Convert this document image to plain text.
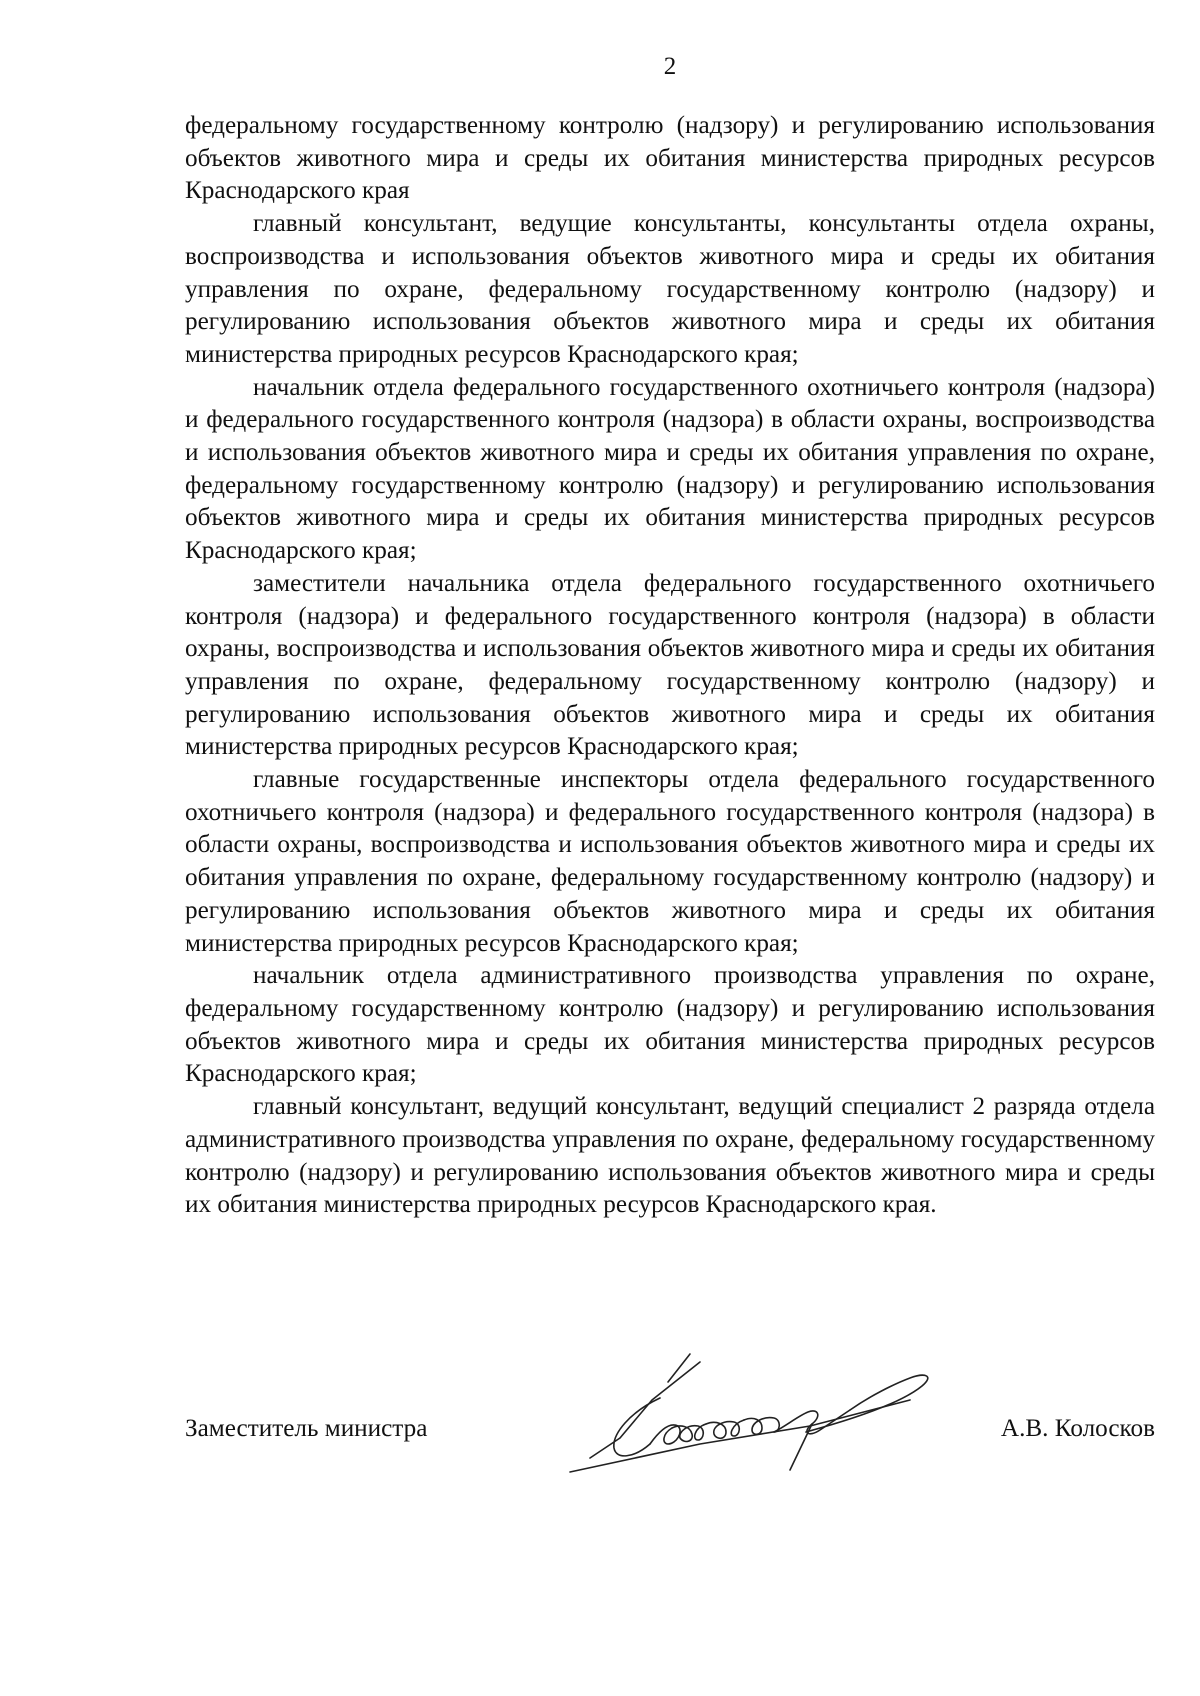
2

федеральному государственному контролю (надзору) и регулированию использования объектов животного мира и среды их обитания министерства природных ресурсов Краснодарского края

главный консультант, ведущие консультанты, консультанты отдела охраны, воспроизводства и использования объектов животного мира и среды их обитания управления по охране, федеральному государственному контролю (надзору) и регулированию использования объектов животного мира и среды их обитания министерства природных ресурсов Краснодарского края;

начальник отдела федерального государственного охотничьего контроля (надзора) и федерального государственного контроля (надзора) в области охраны, воспроизводства и использования объектов животного мира и среды их обитания управления по охране, федеральному государственному контролю (надзору) и регулированию использования объектов животного мира и среды их обитания министерства природных ресурсов Краснодарского края;

заместители начальника отдела федерального государственного охотничьего контроля (надзора) и федерального государственного контроля (надзора) в области охраны, воспроизводства и использования объектов животного мира и среды их обитания управления по охране, федеральному государственному контролю (надзору) и регулированию использования объектов животного мира и среды их обитания министерства природных ресурсов Краснодарского края;

главные государственные инспекторы отдела федерального государственного охотничьего контроля (надзора) и федерального государственного контроля (надзора) в области охраны, воспроизводства и использования объектов животного мира и среды их обитания управления по охране, федеральному государственному контролю (надзору) и регулированию использования объектов животного мира и среды их обитания министерства природных ресурсов Краснодарского края;

начальник отдела административного производства управления по охране, федеральному государственному контролю (надзору) и регулированию использования объектов животного мира и среды их обитания министерства природных ресурсов Краснодарского края;

главный консультант, ведущий консультант, ведущий специалист 2 разряда отдела административного производства управления по охране, федеральному государственному контролю (надзору) и регулированию использования объектов животного мира и среды их обитания министерства природных ресурсов Краснодарского края.

Заместитель министра	А.В. Колосков
